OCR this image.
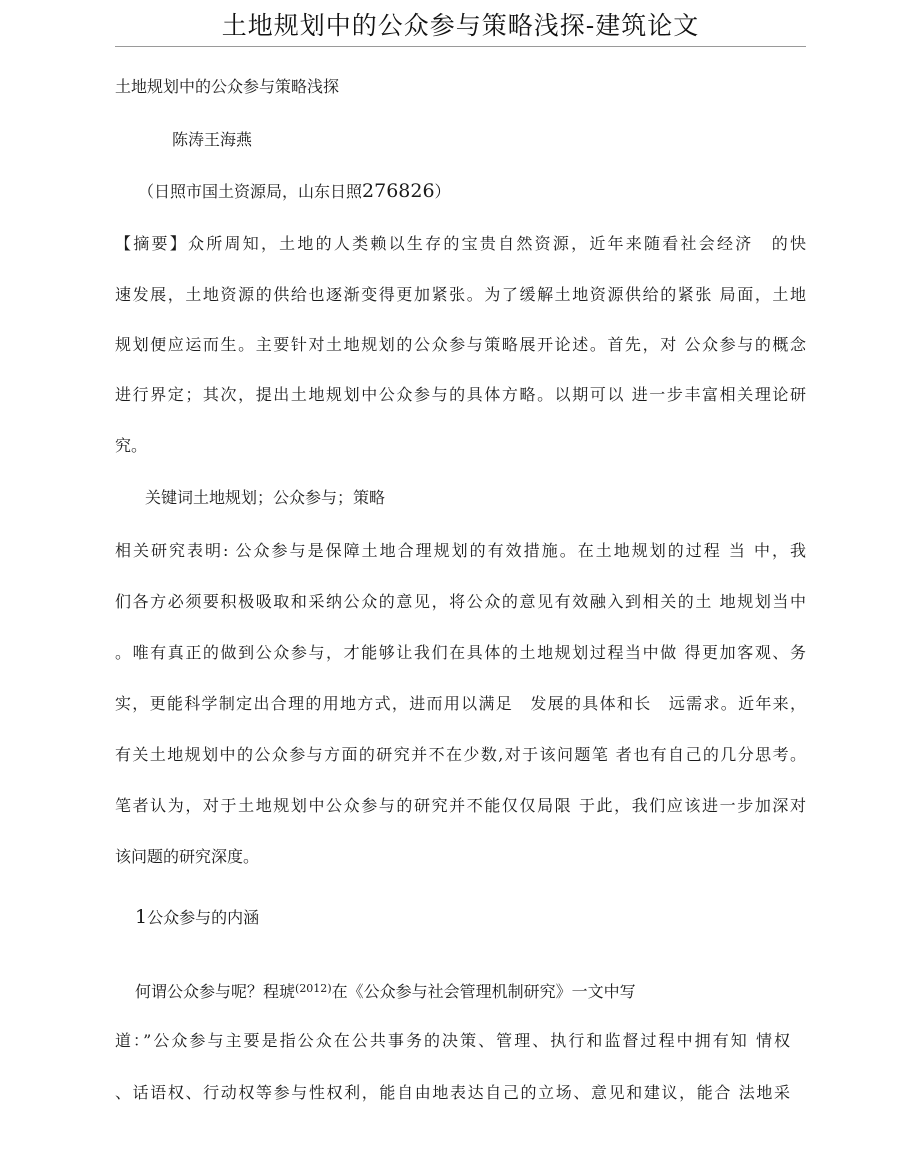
土地规划中的公众参与策略浅探-建筑论文
土地规划中的公众参与策略浅探
陈涛王海燕
（日照市国土资源局，山东日照276826）
【摘要】众所周知，土地的人类赖以生存的宝贵自然资源，近年来随看社会经济　的快
速发展，土地资源的供给也逐渐变得更加紧张。为了缓解土地资源供给的紧张 局面，土地
规划便应运而生。主要针对土地规划的公众参与策略展开论述。首先，对 公众参与的概念
进行界定；其次，提出土地规划中公众参与的具体方略。以期可以 进一步丰富相关理论研
究。
关键词土地规划；公众参与；策略
相关研究表明: 公众参与是保障土地合理规划的有效措施。在土地规划的过程 当 中，我
们各方必须要积极吸取和采纳公众的意见，将公众的意见有效融入到相关的土 地规划当中
。唯有真正的做到公众参与，才能够让我们在具体的土地规划过程当中做 得更加客观、务
实，更能科学制定出合理的用地方式，进而用以满足　发展的具体和长　远需求。近年来，
有关土地规划中的公众参与方面的研究并不在少数,对于该问题笔 者也有自己的几分思考。
笔者认为，对于土地规划中公众参与的研究并不能仅仅局限 于此，我们应该进一步加深对
该问题的研究深度。
1公众参与的内涵
何谓公众参与呢？程琥$^{(2012)}$在《公众参与社会管理机制研究》一文中写
道：”公众参与主要是指公众在公共事务的决策、管理、执行和监督过程中拥有知 情权
、话语权、行动权等参与性权利，能自由地表达自己的立场、意见和建议，能合 法地采
